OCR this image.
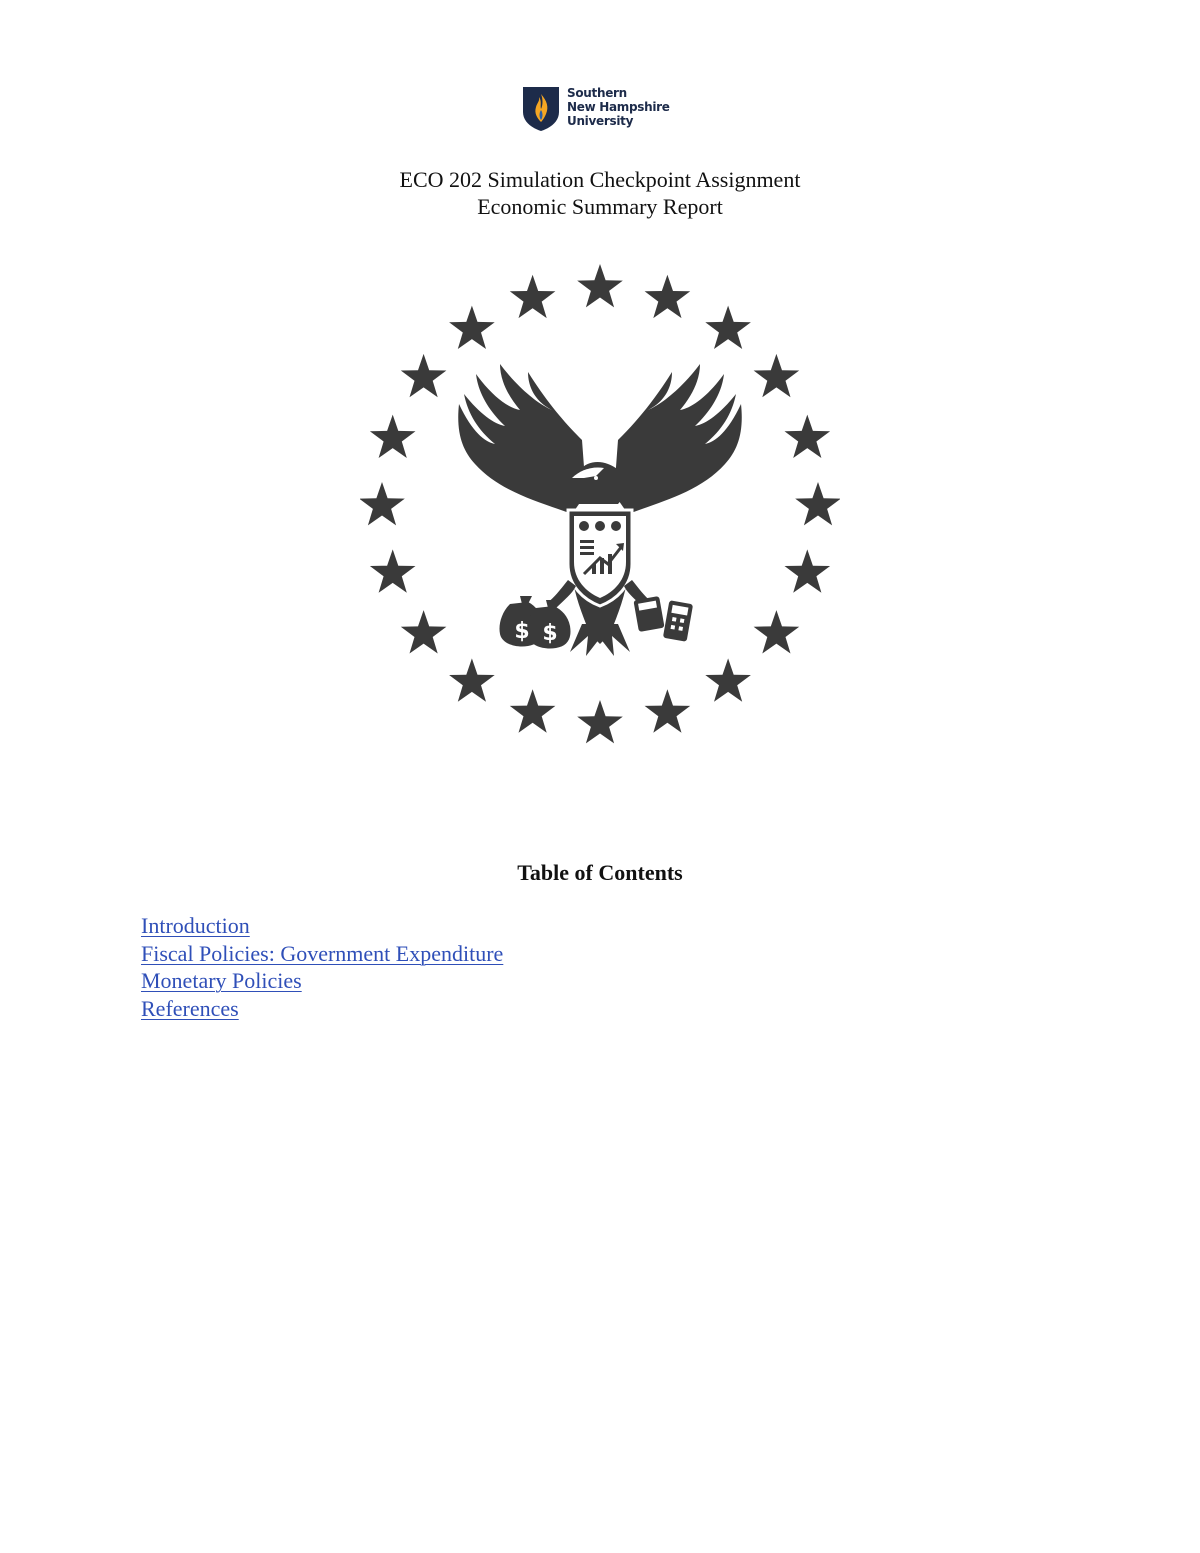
Southern
New Hampshire
University
ECO 202 Simulation Checkpoint Assignment
Economic Summary Report
$ $
Table of Contents
Introduction
Fiscal Policies: Government Expenditure
Monetary Policies
References
